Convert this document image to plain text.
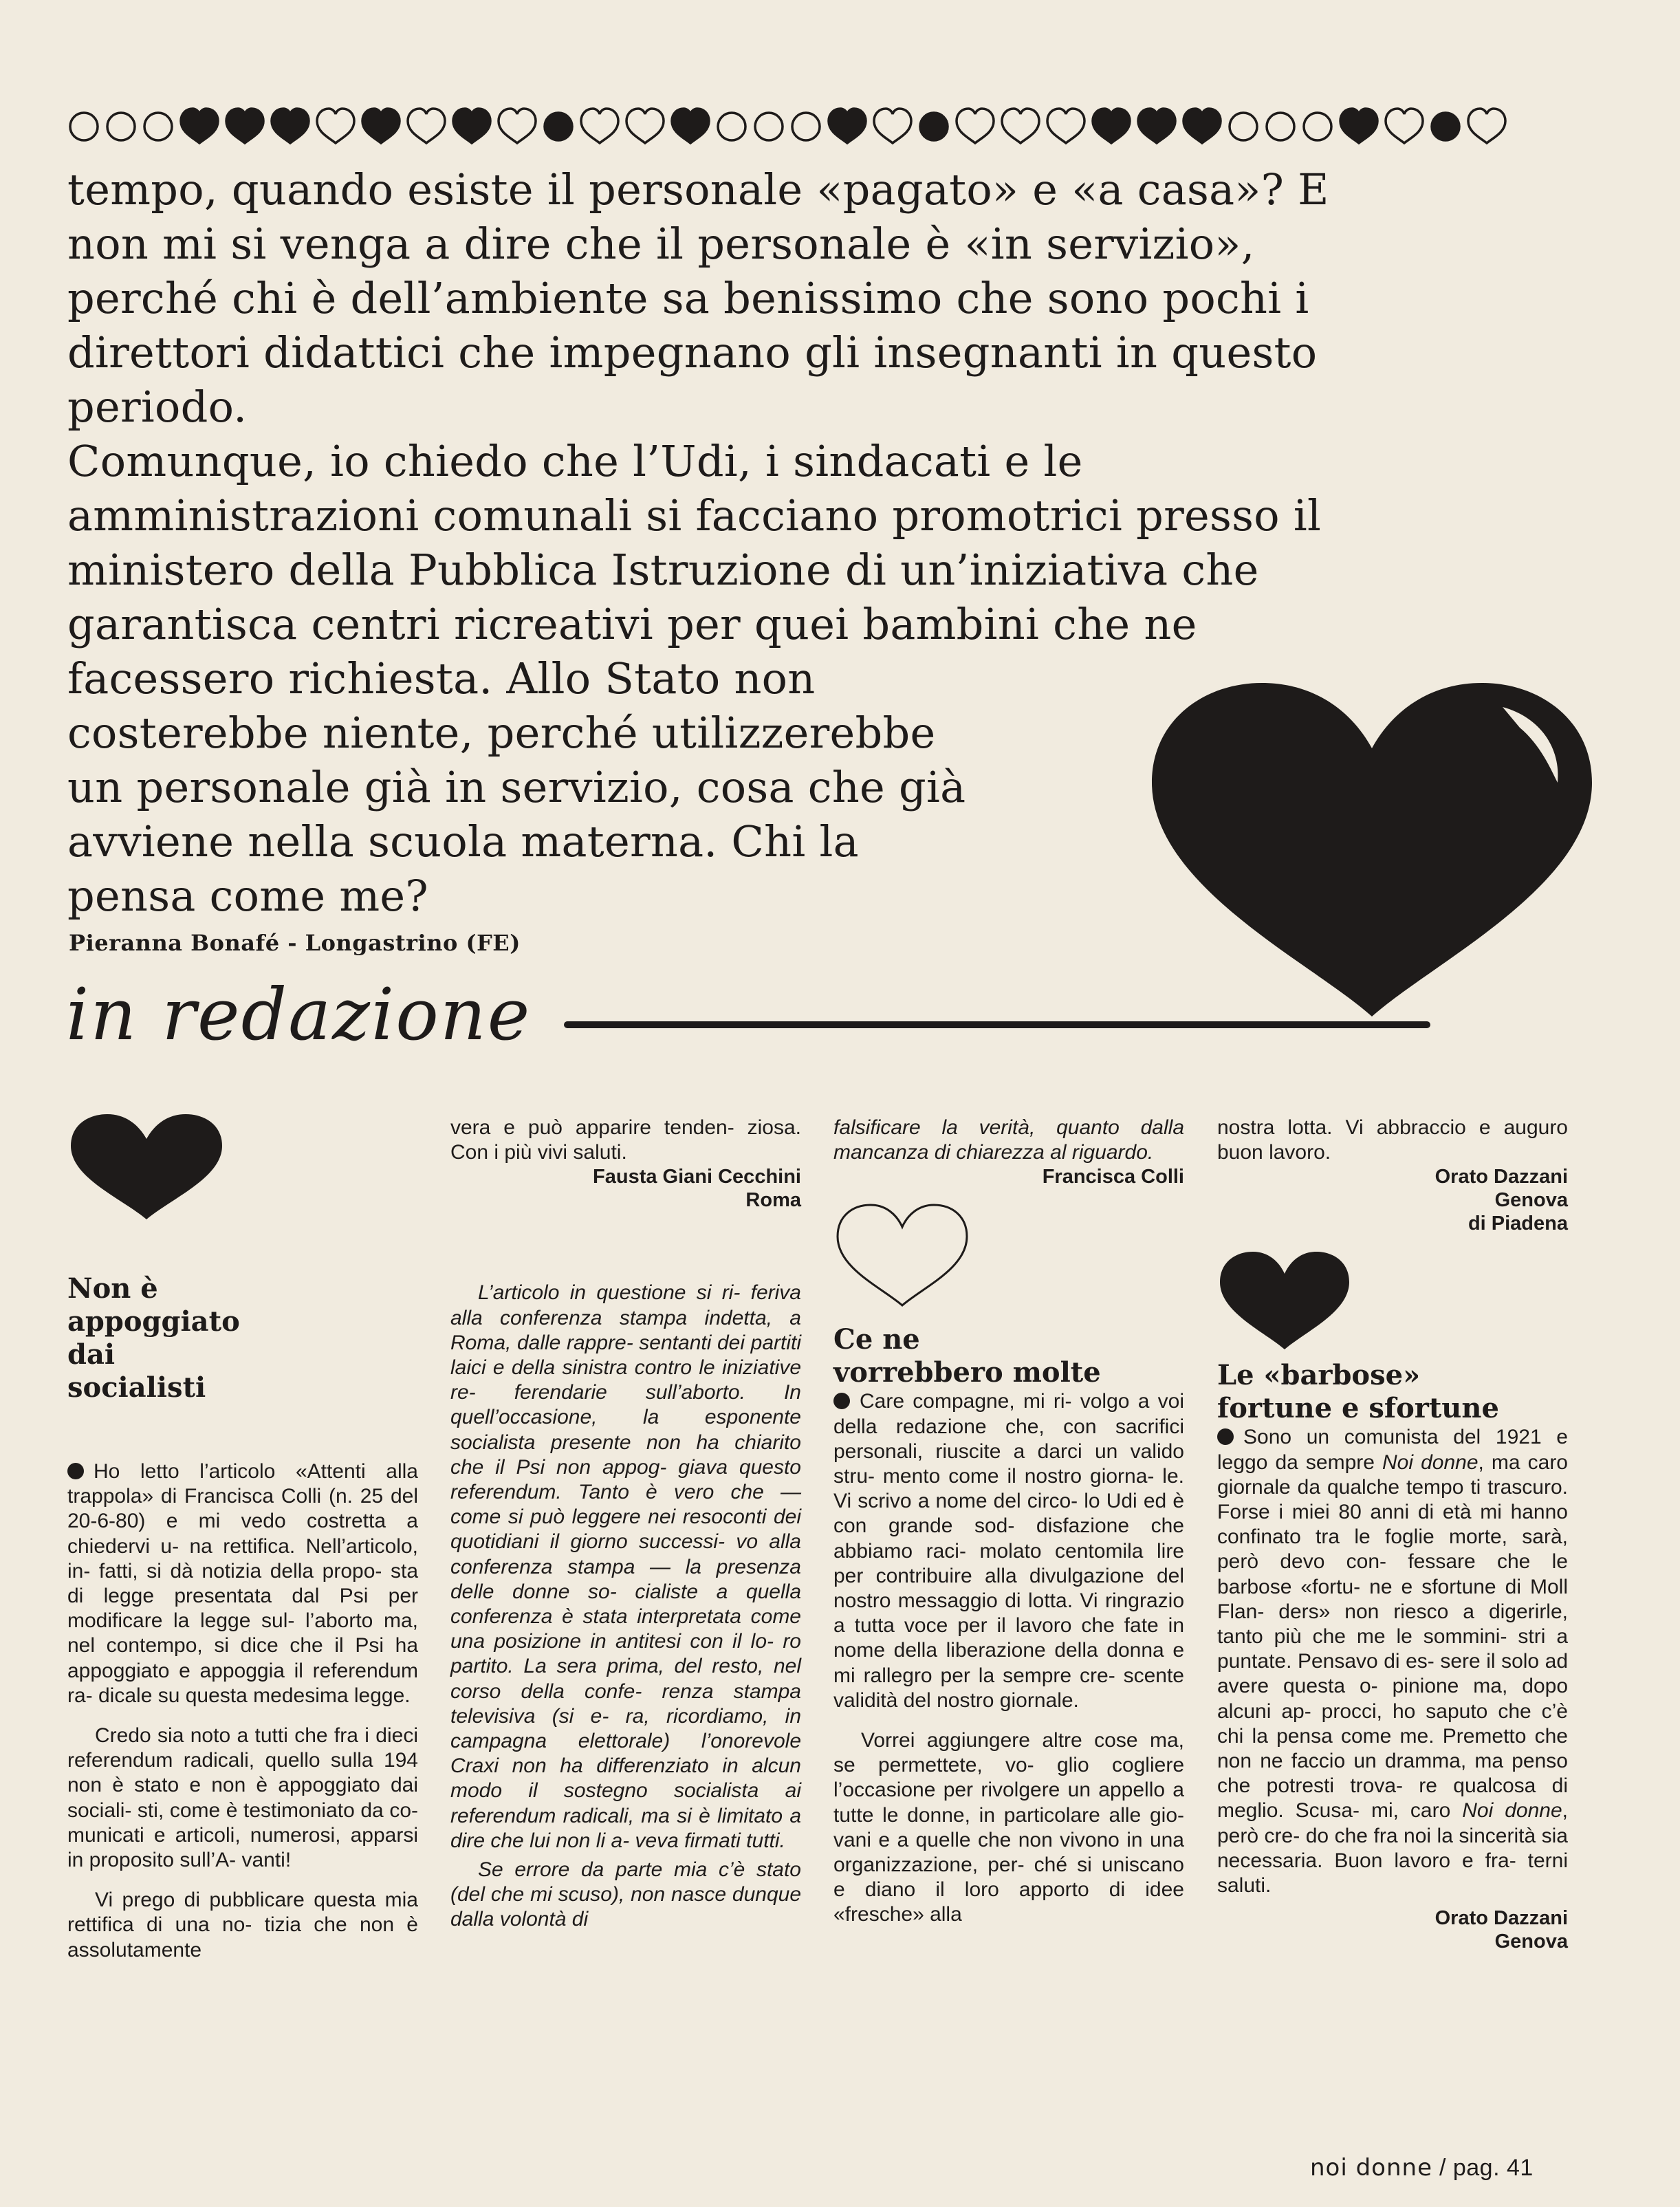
tempo, quando esiste il personale «pagato» e «a casa»? E

non mi si venga a dire che il personale è «in servizio»,

perché chi è dell’ambiente sa benissimo che sono pochi i

direttori didattici che impegnano gli insegnanti in questo

periodo.

Comunque, io chiedo che l’Udi, i sindacati e le

amministrazioni comunali si facciano promotrici presso il

ministero della Pubblica Istruzione di un’iniziativa che

garantisca centri ricreativi per quei bambini che ne

facessero richiesta. Allo Stato non

costerebbe niente, perché utilizzerebbe

un personale già in servizio, cosa che già

avviene nella scuola materna. Chi la

pensa come me?

Pieranna Bonafé - Longastrino (FE)
in redazione
Non è
appoggiato
dai
socialisti

Ho letto l’articolo «Attenti alla trappola» di Francisca Colli (n. 25 del 20-6-80) e mi vedo costretta a chiedervi u- na rettifica. Nell’articolo, in- fatti, si dà notizia della propo- sta di legge presentata dal Psi per modificare la legge sul- l’aborto ma, nel contempo, si dice che il Psi ha appoggiato e appoggia il referendum ra- dicale su questa medesima legge.

Credo sia noto a tutti che fra i dieci referendum radicali, quello sulla 194 non è stato e non è appoggiato dai sociali- sti, come è testimoniato da co- municati e articoli, numerosi, apparsi in proposito sull’A- vanti!

Vi prego di pubblicare questa mia rettifica di una no- tizia che non è assolutamente

vera e può apparire tenden- ziosa. Con i più vivi saluti.

Fausta Giani Cecchini
Roma

L’articolo in questione si ri- feriva alla conferenza stampa indetta, a Roma, dalle rappre- sentanti dei partiti laici e della sinistra contro le iniziative re- ferendarie sull’aborto. In quell’occasione, la esponente socialista presente non ha chiarito che il Psi non appog- giava questo referendum. Tanto è vero che — come si può leggere nei resoconti dei quotidiani il giorno successi- vo alla conferenza stampa — la presenza delle donne so- cialiste a quella conferenza è stata interpretata come una posizione in antitesi con il lo- ro partito. La sera prima, del resto, nel corso della confe- renza stampa televisiva (si e- ra, ricordiamo, in campagna elettorale) l’onorevole Craxi non ha differenziato in alcun modo il sostegno socialista ai referendum radicali, ma si è limitato a dire che lui non li a- veva firmati tutti.

Se errore da parte mia c’è stato (del che mi scuso), non nasce dunque dalla volontà di

falsificare la verità, quanto dalla mancanza di chiarezza al riguardo.

Francisca Colli
Ce ne
vorrebbero molte

Care compagne, mi ri- volgo a voi della redazione che, con sacrifici personali, riuscite a darci un valido stru- mento come il nostro giorna- le. Vi scrivo a nome del circo- lo Udi ed è con grande sod- disfazione che abbiamo raci- molato centomila lire per contribuire alla divulgazione del nostro messaggio di lotta. Vi ringrazio a tutta voce per il lavoro che fate in nome della liberazione della donna e mi rallegro per la sempre cre- scente validità del nostro giornale.

Vorrei aggiungere altre cose ma, se permettete, vo- glio cogliere l’occasione per rivolgere un appello a tutte le donne, in particolare alle gio- vani e a quelle che non vivono in una organizzazione, per- ché si uniscano e diano il loro apporto di idee «fresche» alla

nostra lotta. Vi abbraccio e auguro buon lavoro.

Orato Dazzani
Genova
di Piadena
Le «barbose»
fortune e sfortune

Sono un comunista del 1921 e leggo da sempre Noi donne, ma caro giornale da qualche tempo ti trascuro. Forse i miei 80 anni di età mi hanno confinato tra le foglie morte, sarà, però devo con- fessare che le barbose «fortu- ne e sfortune di Moll Flan- ders» non riesco a digerirle, tanto più che me le sommini- stri a puntate. Pensavo di es- sere il solo ad avere questa o- pinione ma, dopo alcuni ap- procci, ho saputo che c’è chi la pensa come me. Premetto che non ne faccio un dramma, ma penso che potresti trova- re qualcosa di meglio. Scusa- mi, caro Noi donne, però cre- do che fra noi la sincerità sia necessaria. Buon lavoro e fra- terni saluti.

Orato Dazzani
Genova
noi donne / pag. 41
